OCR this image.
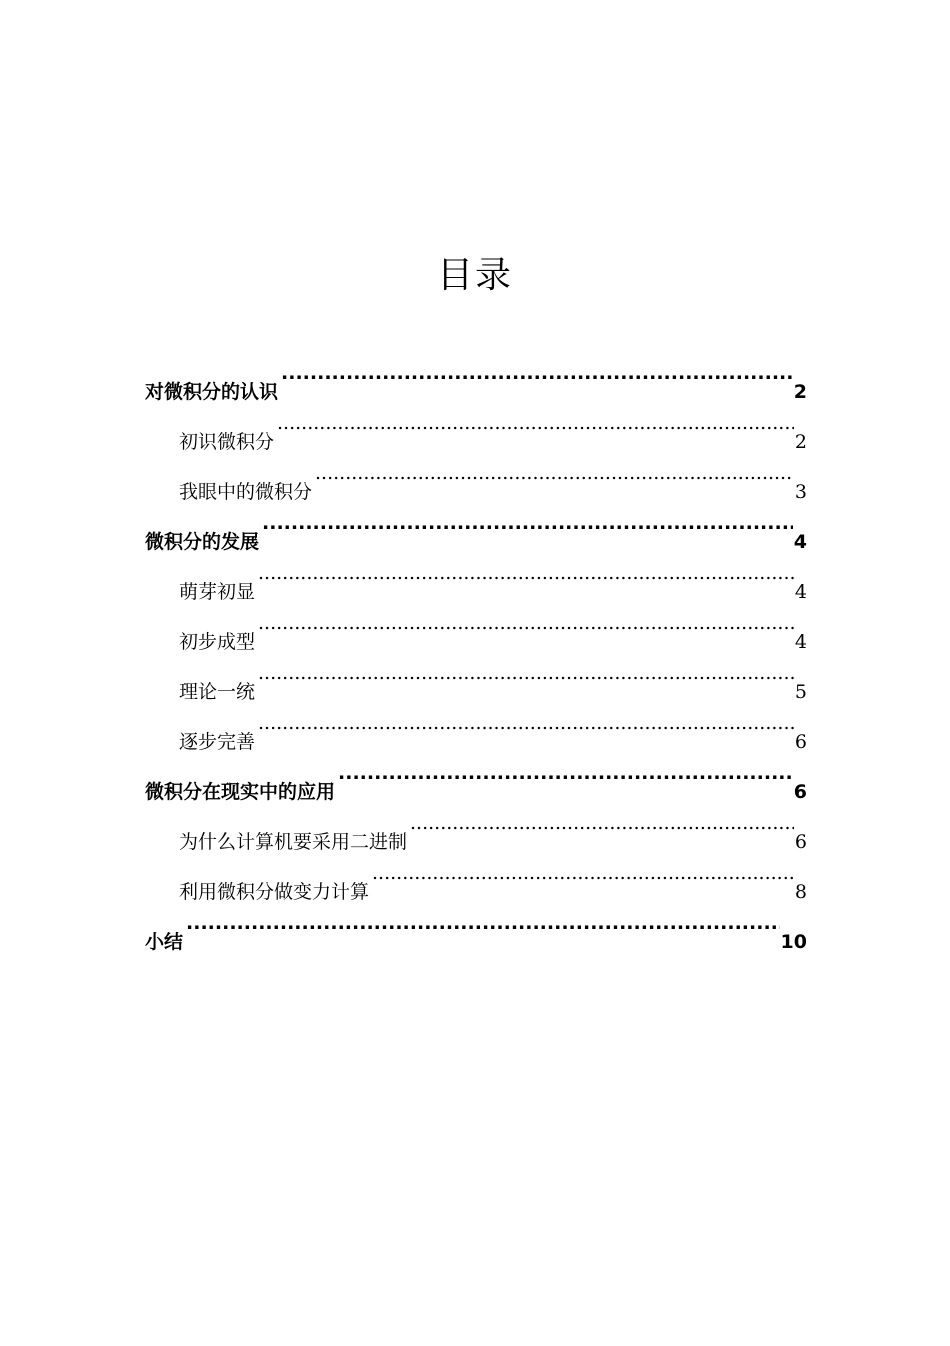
目录
对微积分的认识 .....	2
初识微积分 .....	2
我眼中的微积分 .....	3
微积分的发展 .....	4
萌芽初显 .....	4
初步成型 .....	4
理论一统 .....	5
逐步完善 .....	6
微积分在现实中的应用 .....	6
为什么计算机要采用二进制 .....	6
利用微积分做变力计算 .....	8
小结 .....	10
